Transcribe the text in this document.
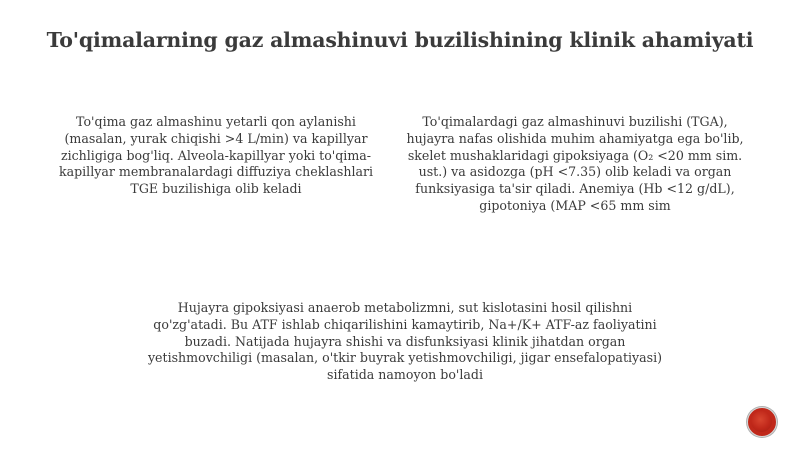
To'qimalarning gaz almashinuvi buzilishining klinik ahamiyati

To'qima gaz almashinu yetarli qon aylanishi (masalan, yurak chiqishi >4 L/min) va kapillyar zichligiga bog'liq. Alveola-kapillyar yoki to'qima-kapillyar membranalardagi diffuziya cheklashlari TGE buzilishiga olib keladi

To'qimalardagi gaz almashinuvi buzilishi (TGA), hujayra nafas olishida muhim ahamiyatga ega bo'lib, skelet mushaklaridagi gipoksiyaga (O₂ <20 mm sim. ust.) va asidozga (pH <7.35) olib keladi va organ funksiyasiga ta'sir qiladi. Anemiya (Hb <12 g/dL), gipotoniya (MAP <65 mm sim

Hujayra gipoksiyasi anaerob metabolizmni, sut kislotasini hosil qilishni qo'zg'atadi. Bu ATF ishlab chiqarilishini kamaytirib, Na+/K+ ATF-az faoliyatini buzadi. Natijada hujayra shishi va disfunksiyasi klinik jihatdan organ yetishmovchiligi (masalan, o'tkir buyrak yetishmovchiligi, jigar ensefalopatiyasi) sifatida namoyon bo'ladi
